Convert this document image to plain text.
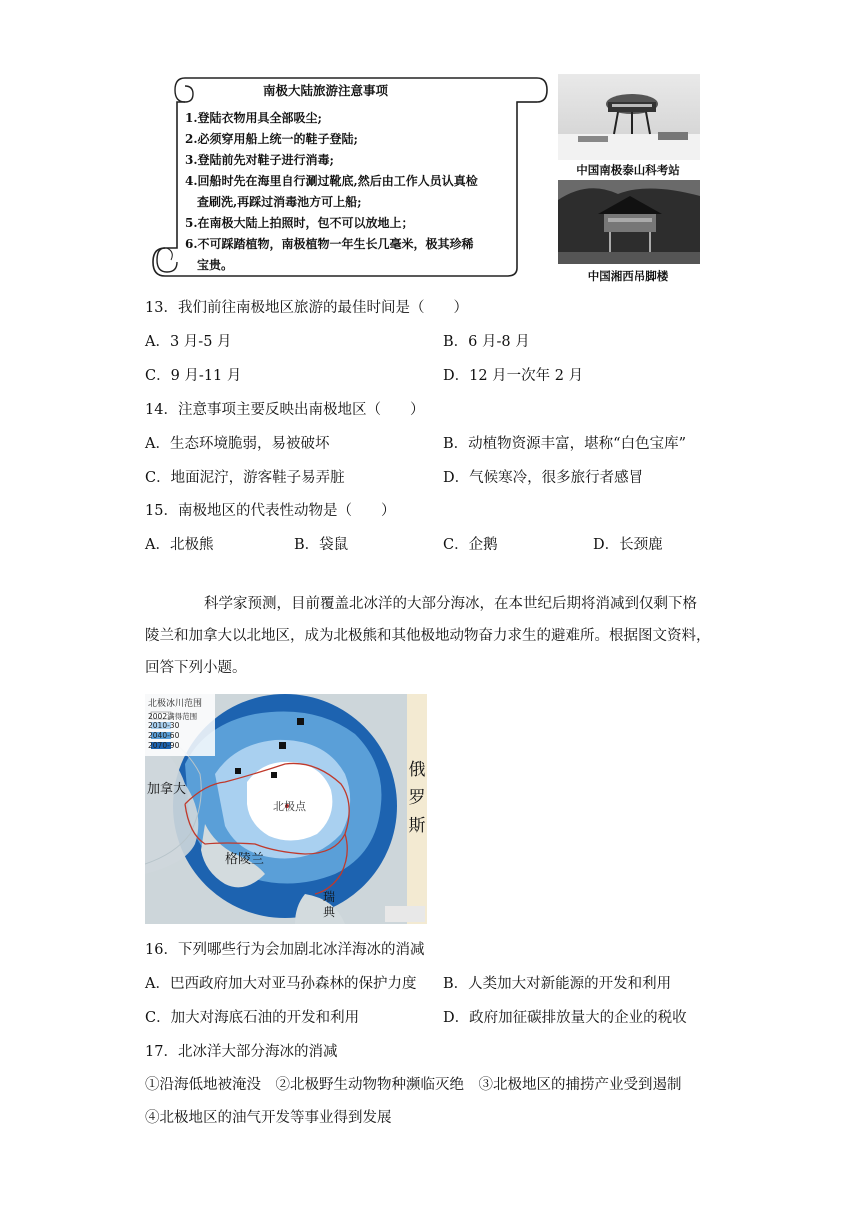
南极大陆旅游注意事项
1.登陆衣物用具全部吸尘;
2.必须穿用船上统一的鞋子登陆;
3.登陆前先对鞋子进行消毒;
4.回船时先在海里自行涮过靴底,然后由工作人员认真检
查刷洗,再踩过消毒池方可上船;
5.在南极大陆上拍照时，包不可以放地上；
6.不可踩踏植物，南极植物一年生长几毫米，极其珍稀
宝贵。
中国南极泰山科考站
中国湘西吊脚楼
13．我们前往南极地区旅游的最佳时间是（　　）
A．3 月-5 月	B．6 月-8 月
C．9 月-11 月	D．12 月一次年 2 月
14．注意事项主要反映出南极地区（　　）
A．生态环境脆弱，易被破坏	B．动植物资源丰富，堪称“白色宝库”
C．地面泥泞，游客鞋子易弄脏	D．气候寒冷，很多旅行者感冒
15．南极地区的代表性动物是（　　）
A．北极熊	B．袋鼠	C．企鹅	D．长颈鹿
科学家预测，目前覆盖北冰洋的大部分海冰，在本世纪后期将消减到仅剩下格
陵兰和加拿大以北地区，成为北极熊和其他极地动物奋力求生的避难所。根据图文资料，
回答下列小题。
北极冰川范围
2002满得范围
2010-30
2040-60
2070-90
加拿大
北极点
格陵兰
俄
罗
斯
瑞
典
16．下列哪些行为会加剧北冰洋海冰的消减
A．巴西政府加大对亚马孙森林的保护力度 B．人类加大对新能源的开发和利用
C．加大对海底石油的开发和利用	D．政府加征碳排放量大的企业的税收
17．北冰洋大部分海冰的消减
①沿海低地被淹没　②北极野生动物物种濒临灭绝　③北极地区的捕捞产业受到遏制
④北极地区的油气开发等事业得到发展
